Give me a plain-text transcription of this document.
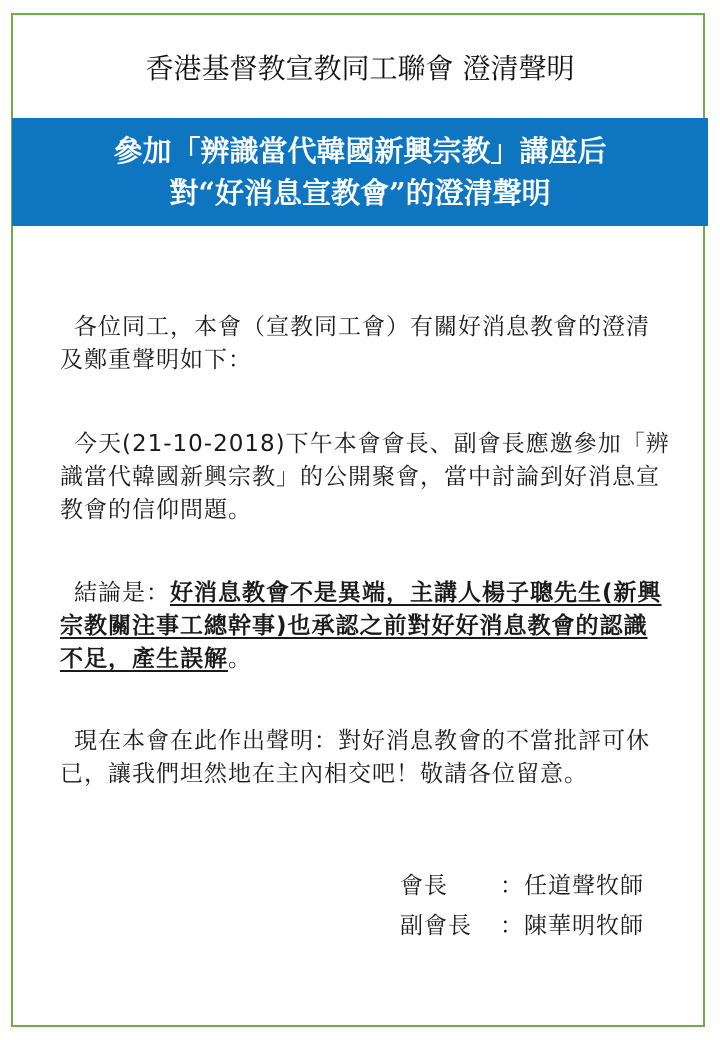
香港基督教宣教同工聯會 澄清聲明
參加「辨識當代韓國新興宗教」講座后
對“好消息宣教會”的澄清聲明
各位同工，本會（宣教同工會）有關好消息教會的澄清及鄭重聲明如下：
今天(21-10-2018)下午本會會長、副會長應邀參加「辨識當代韓國新興宗教」的公開聚會，當中討論到好消息宣教會的信仰問題。
結論是：好消息教會不是異端，主講人楊子聰先生(新興宗教關注事工總幹事)也承認之前對好好消息教會的認識不足，產生誤解。
現在本會在此作出聲明：對好消息教會的不當批評可休已，讓我們坦然地在主內相交吧！敬請各位留意。
會長	：任道聲牧師
副會長	：陳華明牧師
